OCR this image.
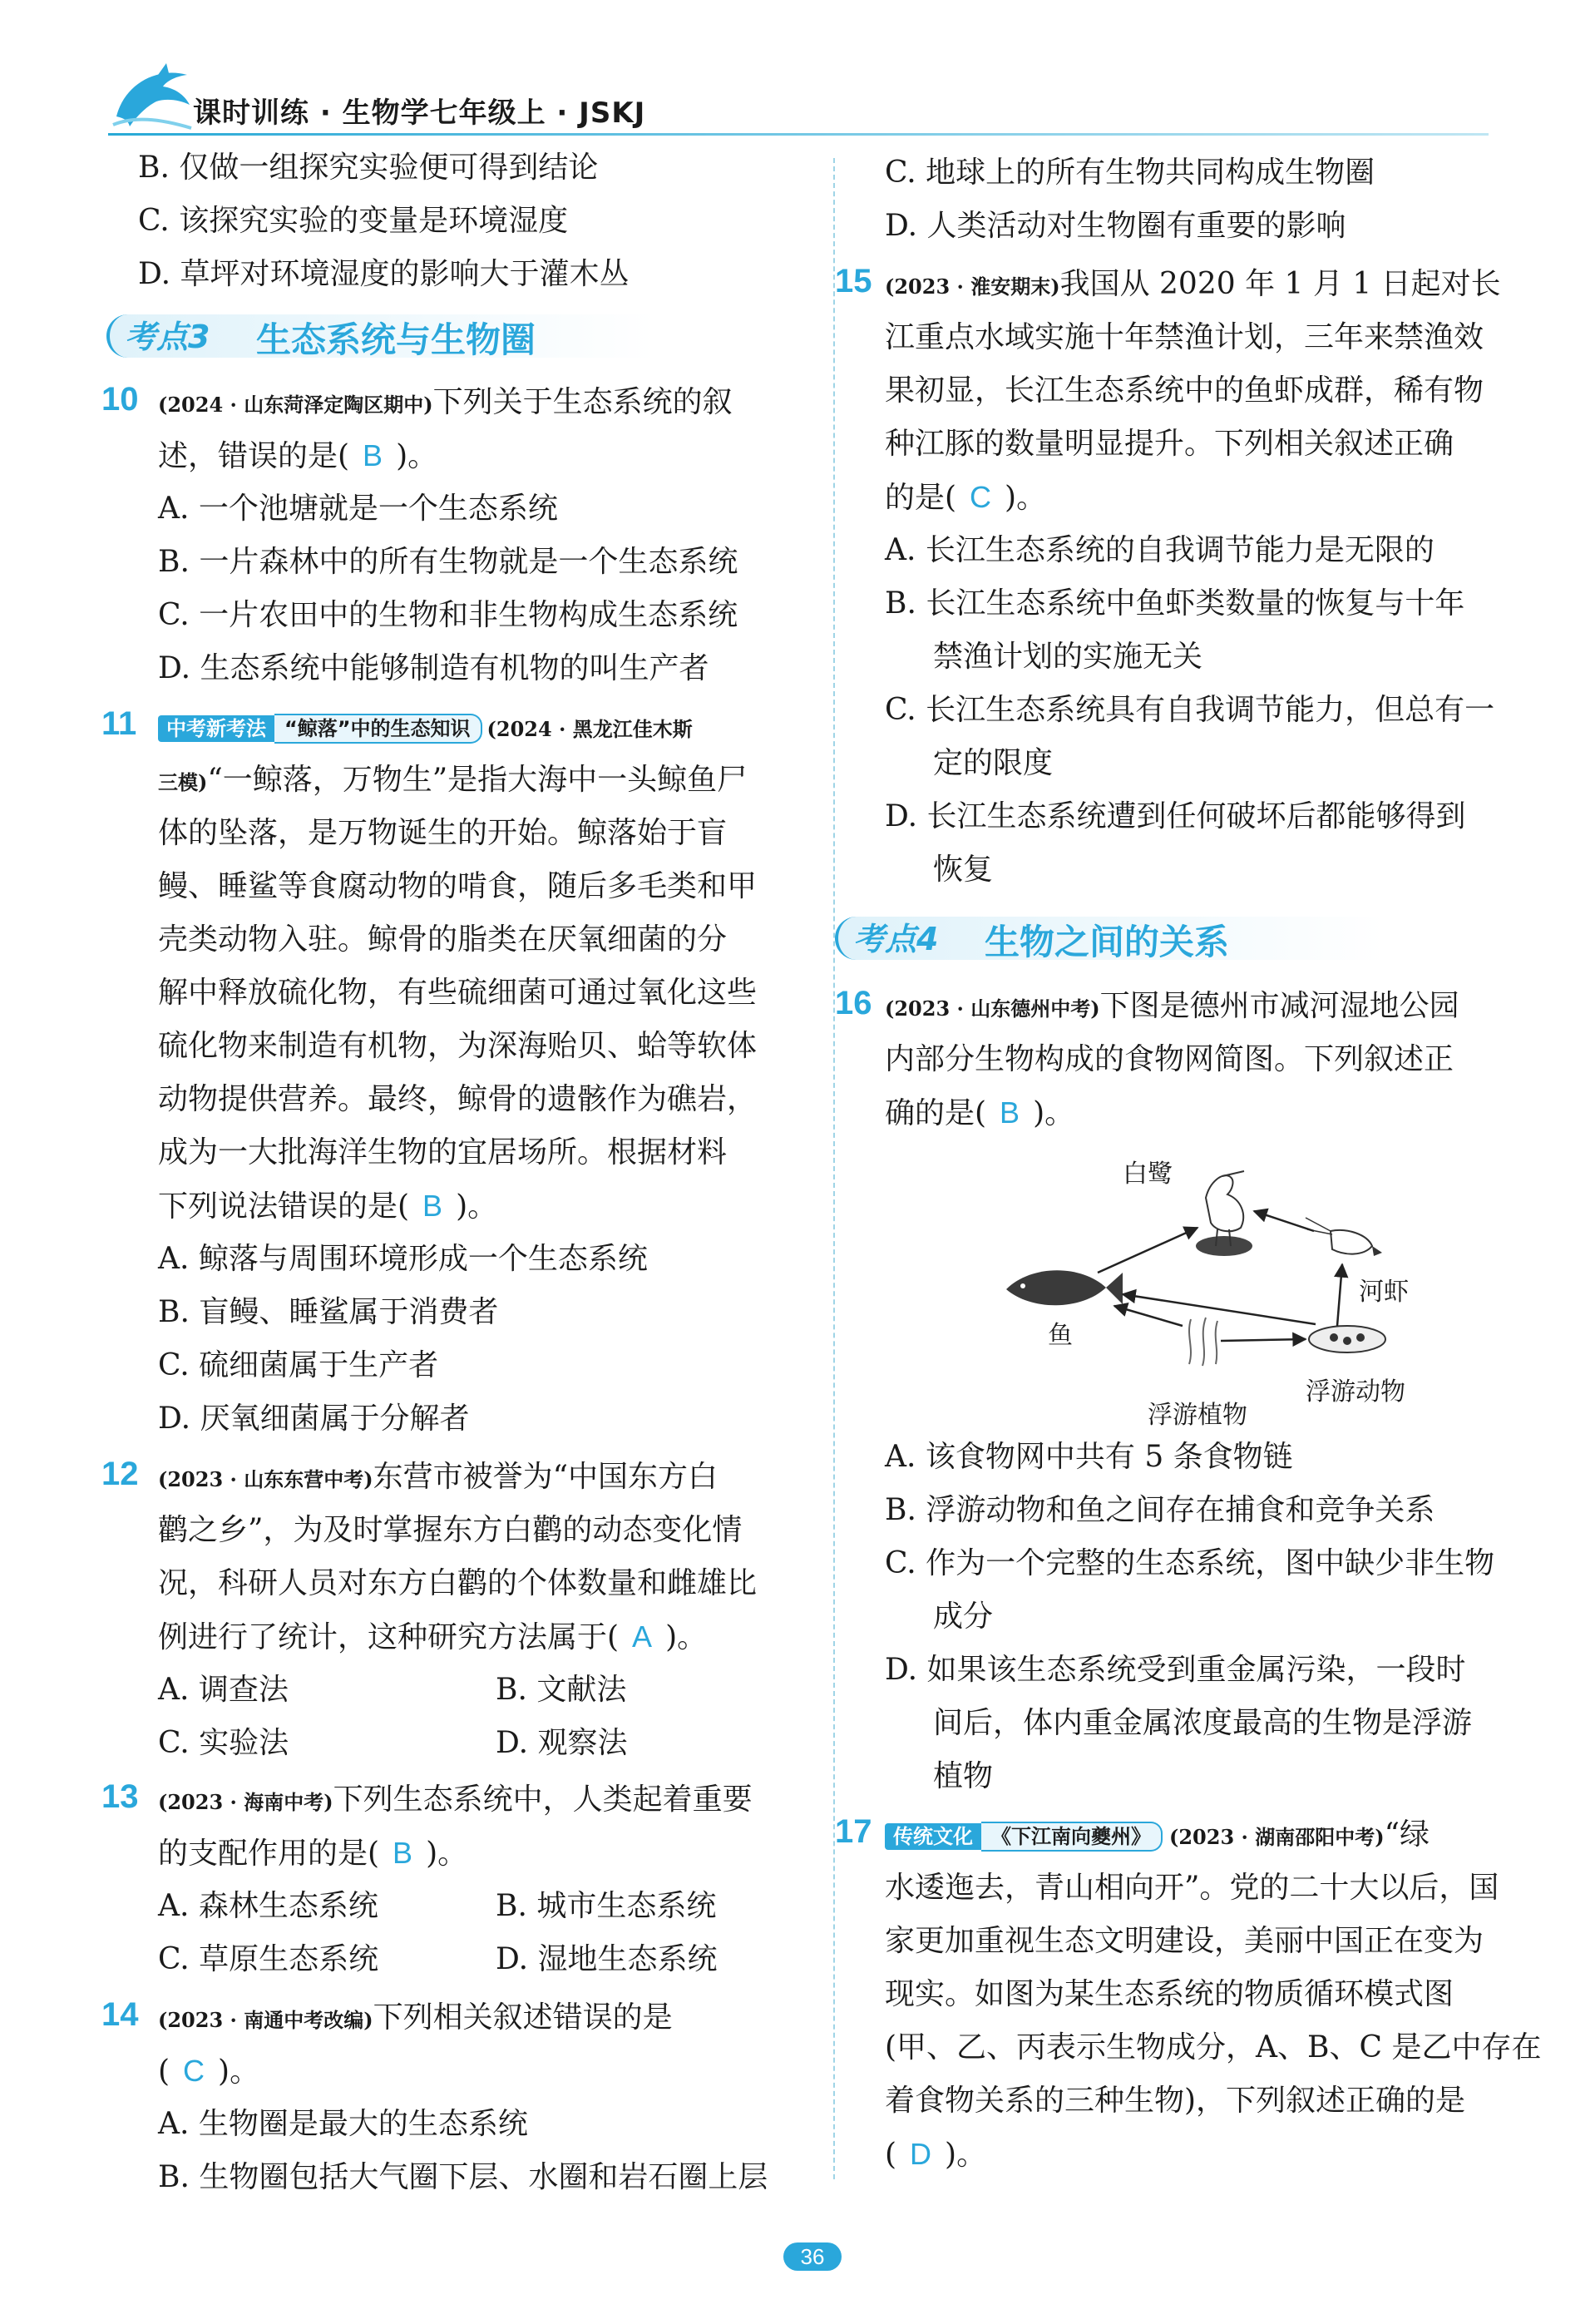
课时训练 · 生物学七年级上 · JSKJ
B. 仅做一组探究实验便可得到结论
C. 该探究实验的变量是环境湿度
D. 草坪对环境湿度的影响大于灌木丛
考点3 生态系统与生物圈
10 (2024 · 山东菏泽定陶区期中)下列关于生态系统的叙
述，错误的是( B )。
A. 一个池塘就是一个生态系统
B. 一片森林中的所有生物就是一个生态系统
C. 一片农田中的生物和非生物构成生态系统
D. 生态系统中能够制造有机物的叫生产者
11	中考新考法 “鲸落”中的生态知识 (2024 · 黑龙江佳木斯
三模)“一鲸落，万物生”是指大海中一头鲸鱼尸
体的坠落，是万物诞生的开始。鲸落始于盲
鳗、睡鲨等食腐动物的啃食，随后多毛类和甲
壳类动物入驻。鲸骨的脂类在厌氧细菌的分
解中释放硫化物，有些硫细菌可通过氧化这些
硫化物来制造有机物，为深海贻贝、蛤等软体
动物提供营养。最终，鲸骨的遗骸作为礁岩，
成为一大批海洋生物的宜居场所。根据材料
下列说法错误的是( B )。
A. 鲸落与周围环境形成一个生态系统
B. 盲鳗、睡鲨属于消费者
C. 硫细菌属于生产者
D. 厌氧细菌属于分解者
12 (2023 · 山东东营中考)东营市被誉为“中国东方白
鹳之乡”，为及时掌握东方白鹳的动态变化情
况，科研人员对东方白鹳的个体数量和雌雄比
例进行了统计，这种研究方法属于( A )。
A. 调查法	B. 文献法
C. 实验法	D. 观察法
13 (2023 · 海南中考)下列生态系统中，人类起着重要
的支配作用的是( B )。
A. 森林生态系统	B. 城市生态系统
C. 草原生态系统	D. 湿地生态系统
14 (2023 · 南通中考改编)下列相关叙述错误的是
( C )。
A. 生物圈是最大的生态系统
B. 生物圈包括大气圈下层、水圈和岩石圈上层
C. 地球上的所有生物共同构成生物圈
D. 人类活动对生物圈有重要的影响
15 (2023 · 淮安期末)我国从 2020 年 1 月 1 日起对长
江重点水域实施十年禁渔计划，三年来禁渔效
果初显，长江生态系统中的鱼虾成群，稀有物
种江豚的数量明显提升。下列相关叙述正确
的是( C )。
A. 长江生态系统的自我调节能力是无限的
B. 长江生态系统中鱼虾类数量的恢复与十年
禁渔计划的实施无关
C. 长江生态系统具有自我调节能力，但总有一
定的限度
D. 长江生态系统遭到任何破坏后都能够得到
恢复
考点4 生物之间的关系
16 (2023 · 山东德州中考)下图是德州市减河湿地公园
内部分生物构成的食物网简图。下列叙述正
确的是( B )。
白鹭
河虾
鱼
浮游植物
浮游动物
A. 该食物网中共有 5 条食物链
B. 浮游动物和鱼之间存在捕食和竞争关系
C. 作为一个完整的生态系统，图中缺少非生物
成分
D. 如果该生态系统受到重金属污染，一段时
间后，体内重金属浓度最高的生物是浮游
植物
17	传统文化 《下江南向夔州》 (2023 · 湖南邵阳中考)“绿
水逶迤去，青山相向开”。党的二十大以后，国
家更加重视生态文明建设，美丽中国正在变为
现实。如图为某生态系统的物质循环模式图
(甲、乙、丙表示生物成分，A、B、C 是乙中存在
着食物关系的三种生物)，下列叙述正确的是
( D )。
36
